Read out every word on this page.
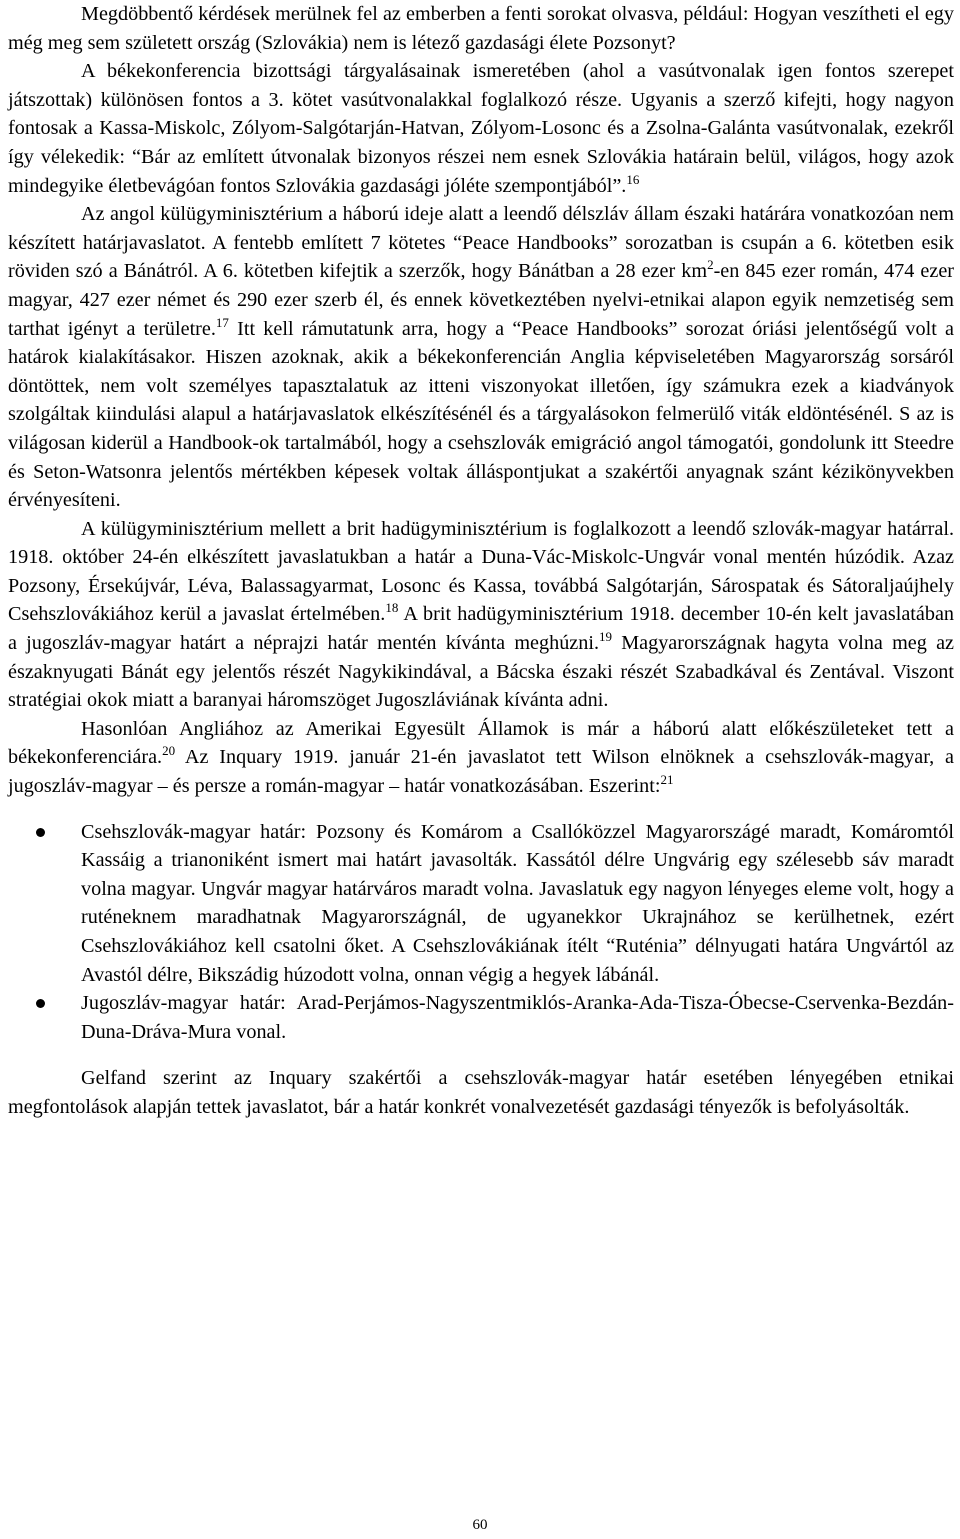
Megdöbbentő kérdések merülnek fel az emberben a fenti sorokat olvasva, például: Hogyan veszítheti el egy még meg sem született ország (Szlovákia) nem is létező gazdasági élete Pozsonyt?

A békekonferencia bizottsági tárgyalásainak ismeretében (ahol a vasútvonalak igen fontos szerepet játszottak) különösen fontos a 3. kötet vasútvonalakkal foglalkozó része. Ugyanis a szerző kifejti, hogy nagyon fontosak a Kassa-Miskolc, Zólyom-Salgótarján-Hatvan, Zólyom-Losonc és a Zsolna-Galánta vasútvonalak, ezekről így vélekedik: “Bár az említett útvonalak bizonyos részei nem esnek Szlovákia határain belül, világos, hogy azok mindegyike életbevágóan fontos Szlovákia gazdasági jóléte szempontjából”.$^{16}$

Az angol külügyminisztérium a háború ideje alatt a leendő délszláv állam északi határára vonatkozóan nem készített határjavaslatot. A fentebb említett 7 kötetes “Peace Handbooks” sorozatban is csupán a 6. kötetben esik röviden szó a Bánátról. A 6. kötetben kifejtik a szerzők, hogy Bánátban a 28 ezer $km^2-en$ 845 ezer román, 474 ezer magyar, 427 ezer német és 290 ezer szerb él, és ennek következtében nyelvi-etnikai alapon egyik nemzetiség sem tarthat igényt a területre.$^{17}$ Itt kell rámutatunk arra, hogy a “Peace Handbooks” sorozat óriási jelentőségű volt a határok kialakításakor. Hiszen azoknak, akik a békekonferencián Anglia képviseletében Magyarország sorsáról döntöttek, nem volt személyes tapasztalatuk az itteni viszonyokat illetően, így számukra ezek a kiadványok szolgáltak kiindulási alapul a határjavaslatok elkészítésénél és a tárgyalásokon felmerülő viták eldöntésénél. S az is világosan kiderül a Handbook-ok tartalmából, hogy a csehszlovák emigráció angol támogatói, gondolunk itt Steedre és Seton-Watsonra jelentős mértékben képesek voltak álláspontjukat a szakértői anyagnak szánt kézikönyvekben érvényesíteni.

A külügyminisztérium mellett a brit hadügyminisztérium is foglalkozott a leendő szlovák-magyar határral. 1918. október 24-én elkészített javaslatukban a határ a Duna-Vác-Miskolc-Ungvár vonal mentén húzódik. Azaz Pozsony, Érsekújvár, Léva, Balassagyarmat, Losonc és Kassa, továbbá Salgótarján, Sárospatak és Sátoraljaújhely Csehszlovákiához kerül a javaslat értelmében.$^{18}$ A brit hadügyminisztérium 1918. december 10-én kelt javaslatában a jugoszláv-magyar határt a néprajzi határ mentén kívánta meghúzni.$^{19}$ Magyarországnak hagyta volna meg az északnyugati Bánát egy jelentős részét Nagykikindával, a Bácska északi részét Szabadkával és Zentával. Viszont stratégiai okok miatt a baranyai háromszöget Jugoszláviának kívánta adni.

Hasonlóan Angliához az Amerikai Egyesült Államok is már a háború alatt előkészületeket tett a békekonferenciára.$^{20}$ Az Inquary 1919. január 21-én javaslatot tett Wilson elnöknek a csehszlovák-magyar, a jugoszláv-magyar – és persze a román-magyar – határ vonatkozásában. Eszerint:$^{21}$

Csehszlovák-magyar határ: Pozsony és Komárom a Csallóközzel Magyarországé maradt, Komáromtól Kassáig a trianoniként ismert mai határt javasolták. Kassától délre Ungvárig egy szélesebb sáv maradt volna magyar. Ungvár magyar határváros maradt volna. Javaslatuk egy nagyon lényeges eleme volt, hogy a ruténeknem maradhatnak Magyarországnál, de ugyanekkor Ukrajnához se kerülhetnek, ezért Csehszlovákiához kell csatolni őket. A Csehszlovákiának ítélt “Ruténia” délnyugati határa Ungvártól az Avastól délre, Bikszádig húzodott volna, onnan végig a hegyek lábánál.
Jugoszláv-magyar határ: Arad-Perjámos-Nagyszentmiklós-Aranka-Ada-Tisza-Óbecse-Cservenka-Bezdán-Duna-Dráva-Mura vonal.

Gelfand szerint az Inquary szakértői a csehszlovák-magyar határ esetében lényegében etnikai megfontolások alapján tettek javaslatot, bár a határ konkrét vonalvezetését gazdasági tényezők is befolyásolták.

60
